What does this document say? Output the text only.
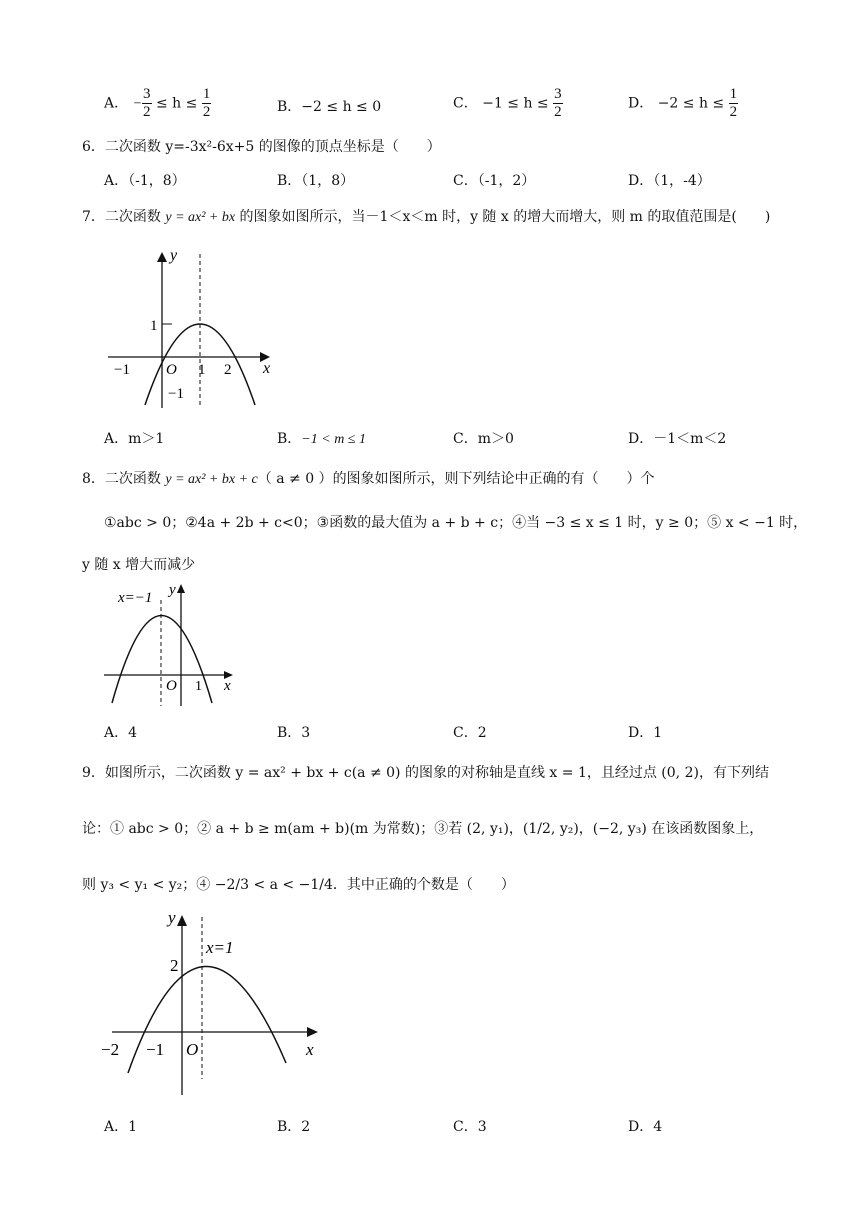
A． − $\frac{3}{2} \le h \le \frac{1}{2}$	B．−2 ≤ h ≤ 0	C． $-1 \le h \le \frac{3}{2}$	D． $-2 \le h \le \frac{1}{2}$
6．二次函数 y=-3x²-6x+5 的图像的顶点坐标是（　　）
A．（-1，8）	B．（1，8）	C．（-1，2）	D．（1，-4）
7．二次函数 y = ax² + bx 的图象如图所示，当－1＜x＜m 时，y 随 x 的增大而增大，则 m 的取值范围是(　　)
y
x
1
O 1 2
−1
−1
A．m＞1	B．−1 < m ≤ 1	C．m＞0	D．－1＜m＜2
8．二次函数 y = ax² + bx + c（ a ≠ 0 ）的图象如图所示，则下列结论中正确的有（　　）个
①abc > 0；②4a + 2b + c<0；③函数的最大值为 a + b + c；④当 −3 ≤ x ≤ 1 时，y ≥ 0；⑤ x < −1 时，
y 随 x 增大而减少
x=−1 y
x
O 1
A．4	B．3	C．2	D．1
9．如图所示，二次函数 y = ax² + bx + c(a ≠ 0) 的图象的对称轴是直线 x = 1，且经过点 (0, 2)，有下列结
论：① abc > 0；② a + b ≥ m(am + b)(m 为常数)；③若 (2, y₁)，(1/2, y₂)，(−2, y₃) 在该函数图象上，
则 y₃ < y₁ < y₂；④ −2/3 < a < −1/4．其中正确的个数是（　　）
y
x=1
2
x
O
−2 −1
A．1	B．2	C．3	D．4
